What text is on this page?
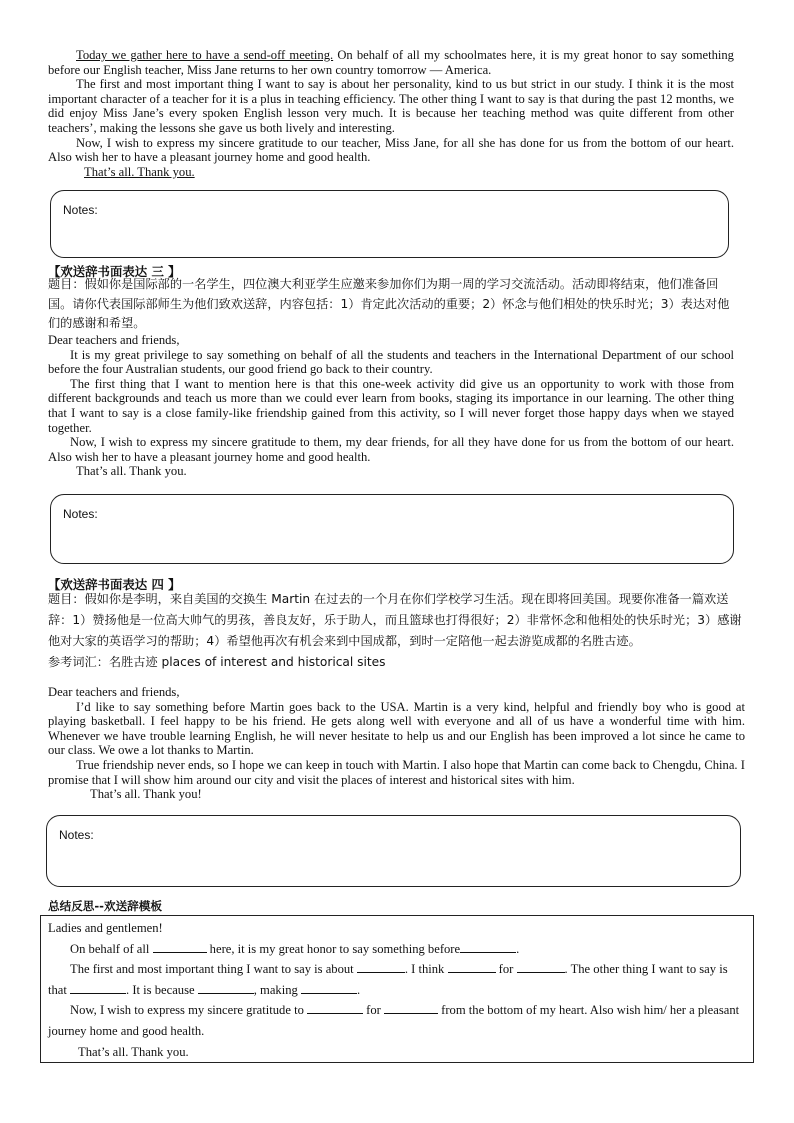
Today we gather here to have a send-off meeting. On behalf of all my schoolmates here, it is my great honor to say something before our English teacher, Miss Jane returns to her own country tomorrow — America.

The first and most important thing I want to say is about her personality, kind to us but strict in our study. I think it is the most important character of a teacher for it is a plus in teaching efficiency. The other thing I want to say is that during the past 12 months, we did enjoy Miss Jane’s every spoken English lesson very much. It is because her teaching method was quite different from other teachers’, making the lessons she gave us both lively and interesting.

Now, I wish to express my sincere gratitude to our teacher, Miss Jane, for all she has done for us from the bottom of our heart. Also wish her to have a pleasant journey home and good health.

That’s all. Thank you.

Notes:
【欢送辞书面表达 三 】

题目：假如你是国际部的一名学生，四位澳大利亚学生应邀来参加你们为期一周的学习交流活动。活动即将结束，他们准备回国。请你代表国际部师生为他们致欢送辞，内容包括：1）肯定此次活动的重要；2）怀念与他们相处的快乐时光；3）表达对他们的感谢和希望。

Dear teachers and friends,

It is my great privilege to say something on behalf of all the students and teachers in the International Department of our school before the four Australian students, our good friend go back to their country.

The first thing that I want to mention here is that this one-week activity did give us an opportunity to work with those from different backgrounds and teach us more than we could ever learn from books, staging its importance in our learning. The other thing that I want to say is a close family-like friendship gained from this activity, so I will never forget those happy days when we stayed together.

Now, I wish to express my sincere gratitude to them, my dear friends, for all they have done for us from the bottom of our heart. Also wish her to have a pleasant journey home and good health.

That’s all. Thank you.

Notes:
【欢送辞书面表达 四 】

题目：假如你是李明，来自美国的交换生 Martin 在过去的一个月在你们学校学习生活。现在即将回美国。现要你准备一篇欢送辞：1）赞扬他是一位高大帅气的男孩，善良友好，乐于助人，而且篮球也打得很好；2）非常怀念和他相处的快乐时光；3）感谢他对大家的英语学习的帮助；4）希望他再次有机会来到中国成都，到时一定陪他一起去游览成都的名胜古迹。

参考词汇：名胜古迹 places of interest and historical sites

Dear teachers and friends,

I’d like to say something before Martin goes back to the USA. Martin is a very kind, helpful and friendly boy who is good at playing basketball. I feel happy to be his friend. He gets along well with everyone and all of us have a wonderful time with him. Whenever we have trouble learning English, he will never hesitate to help us and our English has been improved a lot since he came to our class. We owe a lot thanks to Martin.

True friendship never ends, so I hope we can keep in touch with Martin. I also hope that Martin can come back to Chengdu, China. I promise that I will show him around our city and visit the places of interest and historical sites with him.

That’s all. Thank you!

Notes:
总结反思--欢送辞模板

Ladies and gentlemen!

On behalf of all	here, it is my great honor to say something before	.

The first and most important thing I want to say is about	. I think	for	. The other thing I want to say is that	. It is because	, making	.

Now, I wish to express my sincere gratitude to	for	from the bottom of my heart. Also wish him/ her a pleasant journey home and good health.

That’s all. Thank you.
